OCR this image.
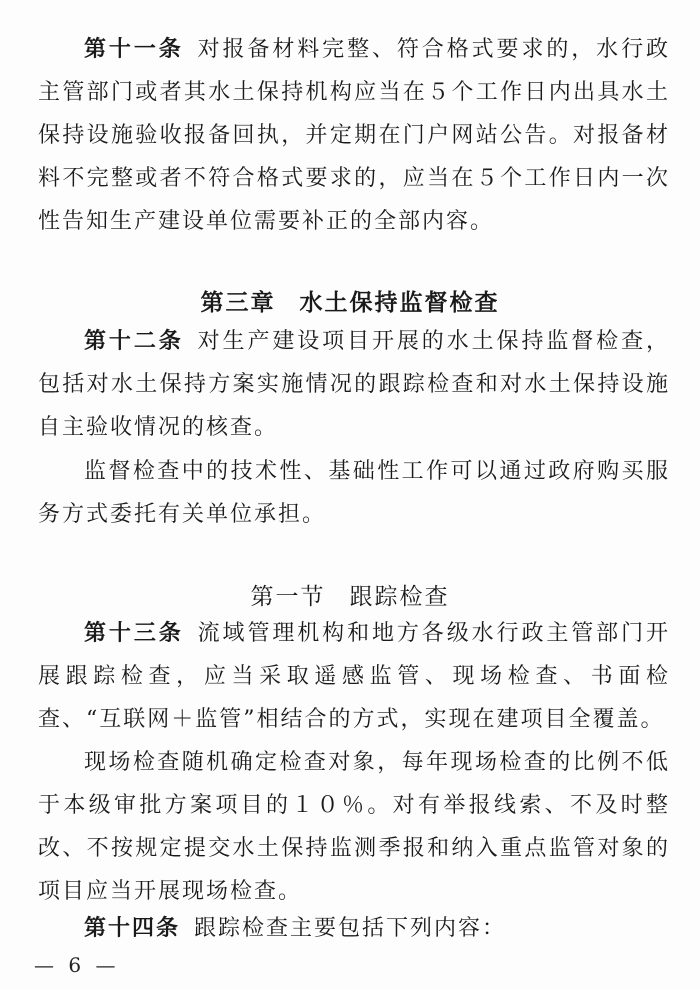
第十一条 对报备材料完整、符合格式要求的，水行政主管部门或者其水土保持机构应当在５个工作日内出具水土保持设施验收报备回执，并定期在门户网站公告。对报备材料不完整或者不符合格式要求的，应当在５个工作日内一次性告知生产建设单位需要补正的全部内容。
第三章 水土保持监督检查
第十二条 对生产建设项目开展的水土保持监督检查，包括对水土保持方案实施情况的跟踪检查和对水土保持设施自主验收情况的核查。
监督检查中的技术性、基础性工作可以通过政府购买服务方式委托有关单位承担。
第一节 跟踪检查
第十三条 流域管理机构和地方各级水行政主管部门开展跟踪检查，应当采取遥感监管、现场检查、书面检查、“互联网＋监管”相结合的方式，实现在建项目全覆盖。
现场检查随机确定检查对象，每年现场检查的比例不低于本级审批方案项目的１０％。对有举报线索、不及时整改、不按规定提交水土保持监测季报和纳入重点监管对象的项目应当开展现场检查。
第十四条 跟踪检查主要包括下列内容：
— 6 —
